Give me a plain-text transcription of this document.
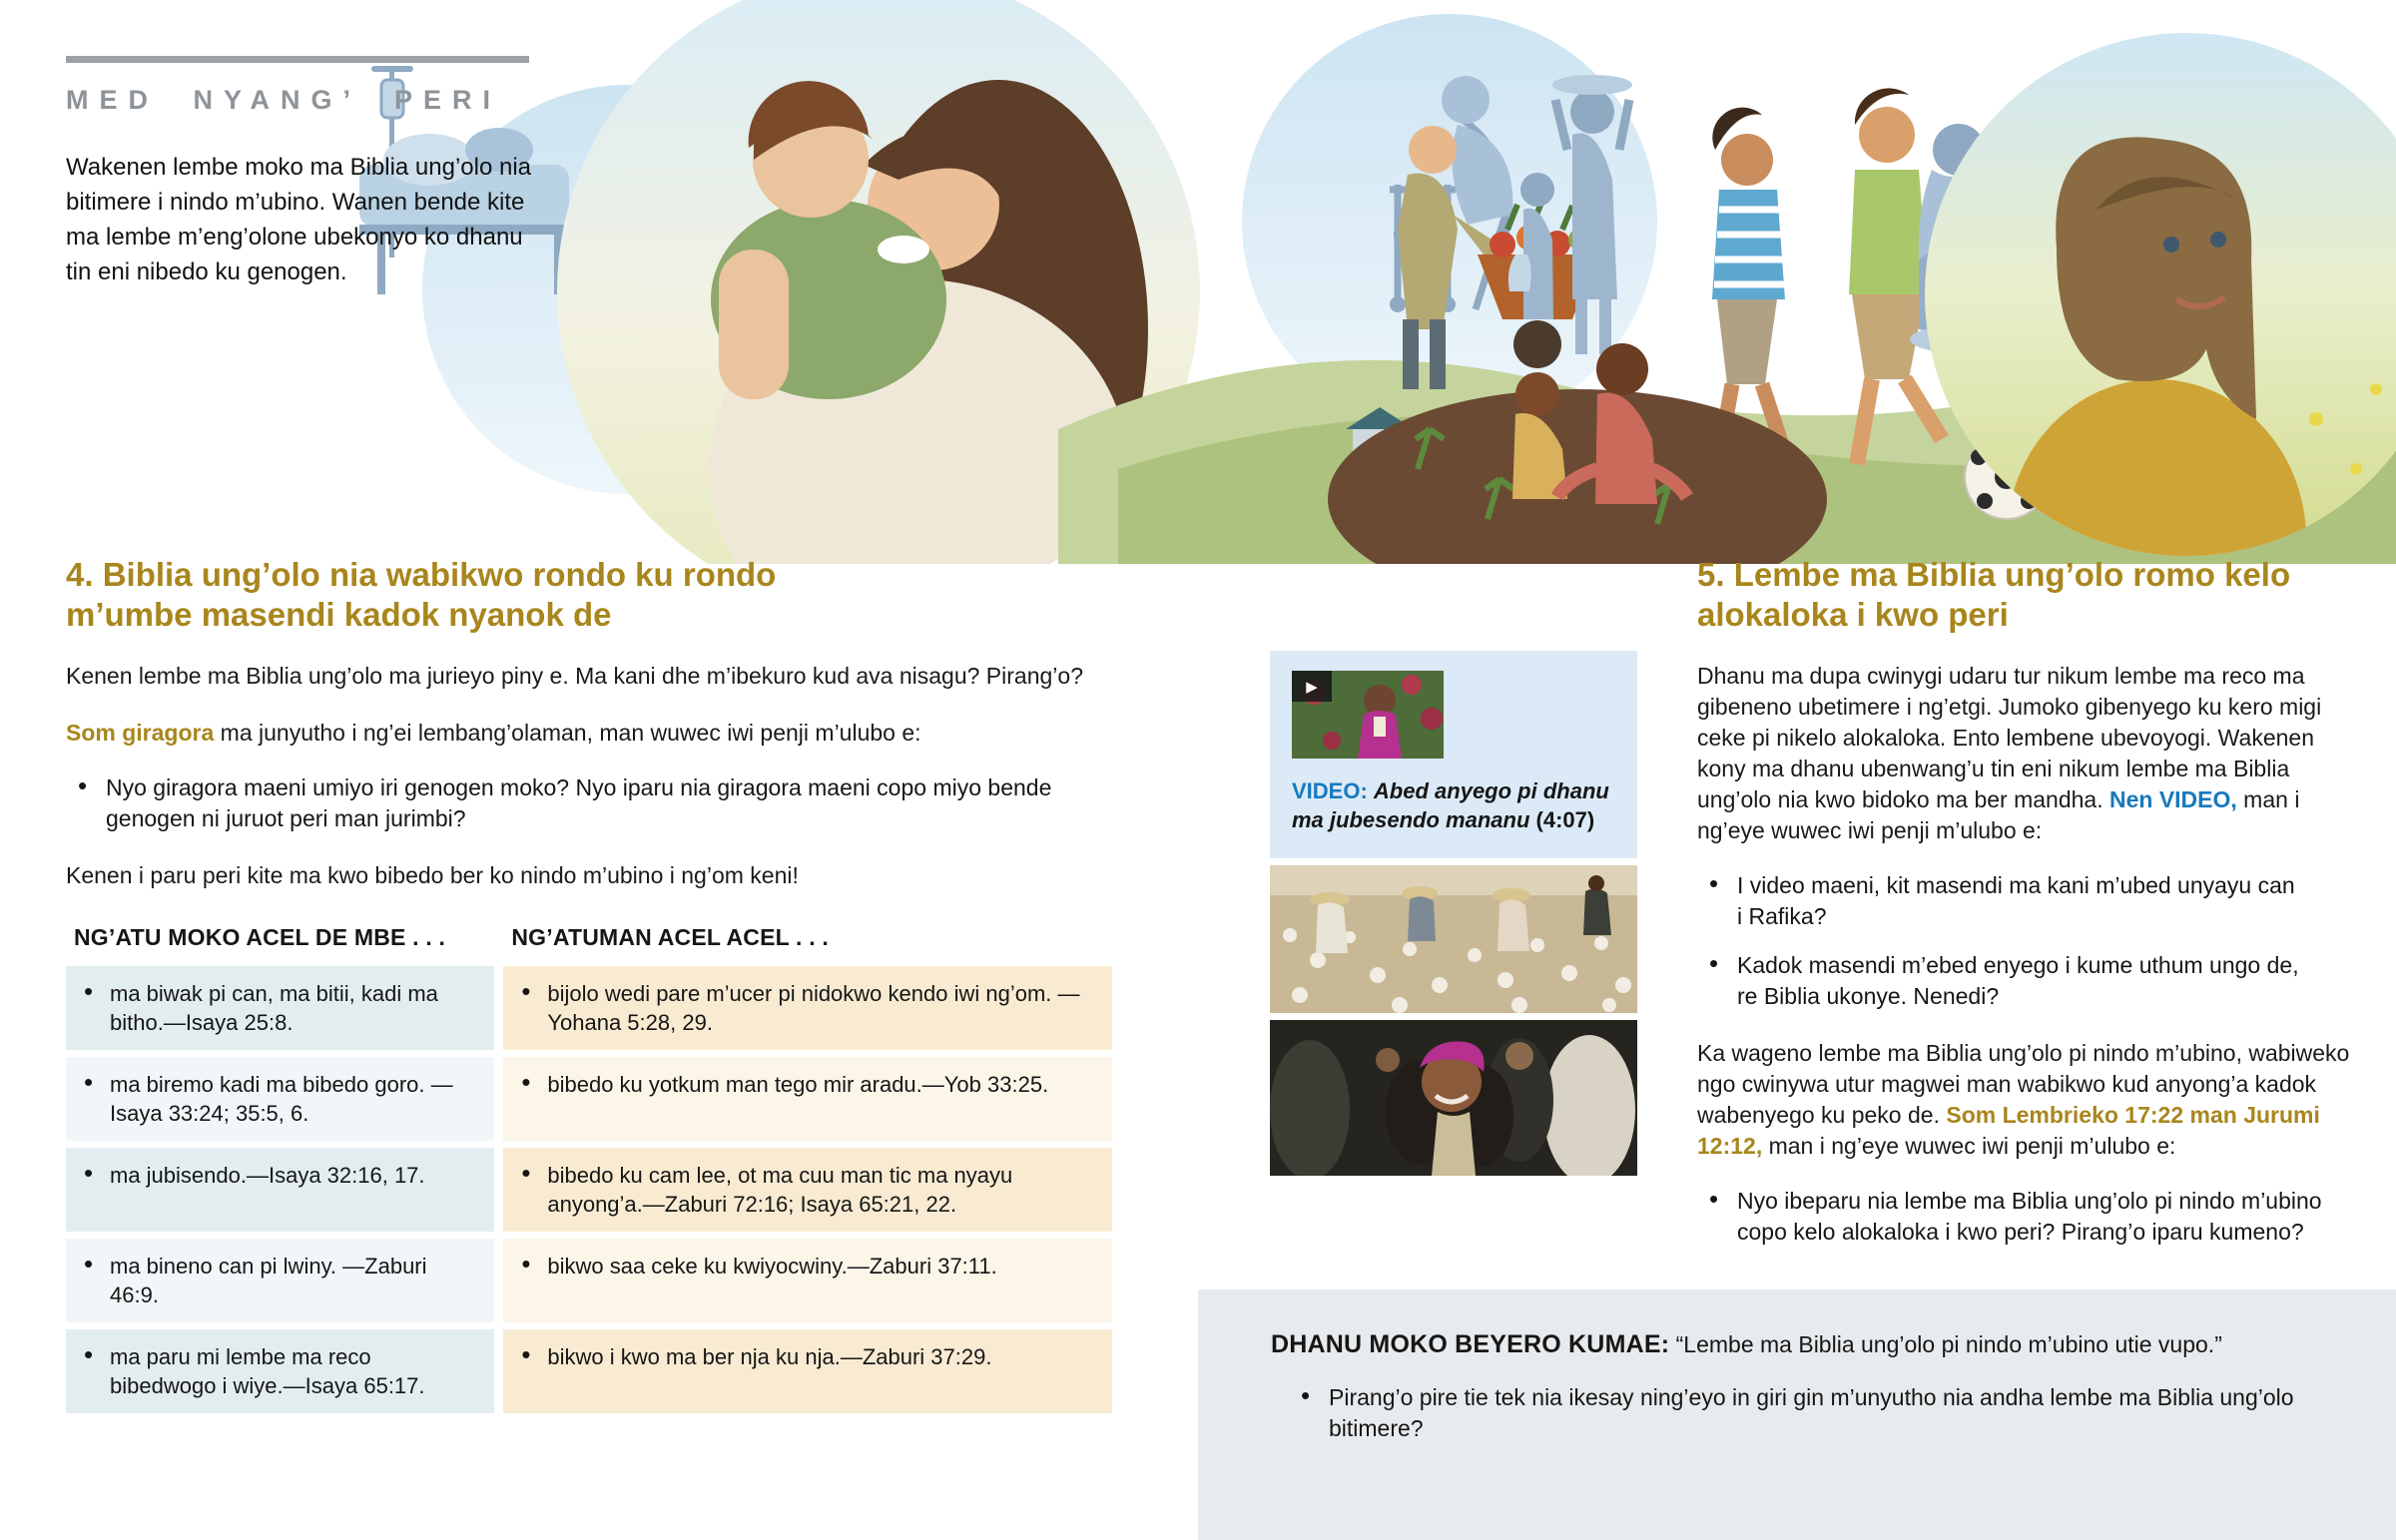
MED NYANG’ PERI

Wakenen lembe moko ma Biblia ung’olo nia bitimere i nindo m’ubino. Wanen bende kite ma lembe m’eng’olone ubekonyo ko dhanu tin eni nibedo ku genogen.

4. Biblia ung’olo nia wabikwo rondo ku rondo m’umbe masendi kadok nyanok de

Kenen lembe ma Biblia ung’olo ma jurieyo piny e. Ma kani dhe m’ibekuro kud ava nisagu? Pirang’o?

Som giragora ma junyutho i ng’ei lembang’olaman, man wuwec iwi penji m’ulubo e:

• Nyo giragora maeni umiyo iri genogen moko? Nyo iparu nia giragora maeni copo miyo bende genogen ni juruot peri man jurimbi?

Kenen i paru peri kite ma kwo bibedo ber ko nindo m’ubino i ng’om keni!

NG’ATU MOKO ACEL DE MBE . . .	NG’ATUMAN ACEL ACEL . . .

• ma biwak pi can, ma bitii, kadi ma bitho.—Isaya 25:8.

• bijolo wedi pare m’ucer pi nidokwo kendo iwi ng’om. —Yohana 5:28, 29.

• ma biremo kadi ma bibedo goro. —Isaya 33:24; 35:5, 6.

• bibedo ku yotkum man tego mir aradu.—Yob 33:25.

• ma jubisendo.—Isaya 32:16, 17.

•bibedo ku cam lee, ot ma cuu man tic ma nyayu anyong’a.—Zaburi 72:16; Isaya 65:21, 22.

• ma bineno can pi lwiny. —Zaburi 46:9.

• bikwo saa ceke ku kwiyocwiny.—Zaburi 37:11.

• ma paru mi lembe ma reco bibedwogo i wiye.—Isaya 65:17.

• bikwo i kwo ma ber nja ku nja.—Zaburi 37:29.
▶

VIDEO: Abed anyego pi dhanu ma jubesendo mananu (4:07)

5. Lembe ma Biblia ung’olo romo kelo alokaloka i kwo peri

Dhanu ma dupa cwinygi udaru tur nikum lembe ma reco ma gibeneno ubetimere i ng’etgi. Jumoko gibenyego ku kero migi ceke pi nikelo alokaloka. Ento lembene ubevoyogi. Wakenen kony ma dhanu ubenwang’u tin eni nikum lembe ma Biblia ung’olo nia kwo bidoko ma ber mandha. Nen VIDEO, man i ng’eye wuwec iwi penji m’ulubo e:

• I video maeni, kit masendi ma kani m’ubed unyayu can i Rafika?
• Kadok masendi m’ebed enyego i kume uthum ungo de, re Biblia ukonye. Nenedi?

Ka wageno lembe ma Biblia ung’olo pi nindo m’ubino, wabiweko ngo cwinywa utur magwei man wabikwo kud anyong’a kadok wabenyego ku peko de. Som Lembrieko 17:22 man Jurumi 12:12, man i ng’eye wuwec iwi penji m’ulubo e:

• Nyo ibeparu nia lembe ma Biblia ung’olo pi nindo m’ubino copo kelo alokaloka i kwo peri? Pirang’o iparu kumeno?

DHANU MOKO BEYERO KUMAE: “Lembe ma Biblia ung’olo pi nindo m’ubino utie vupo.”

• Pirang’o pire tie tek nia ikesay ning’eyo in giri gin m’unyutho nia andha lembe ma Biblia ung’olo bitimere?
